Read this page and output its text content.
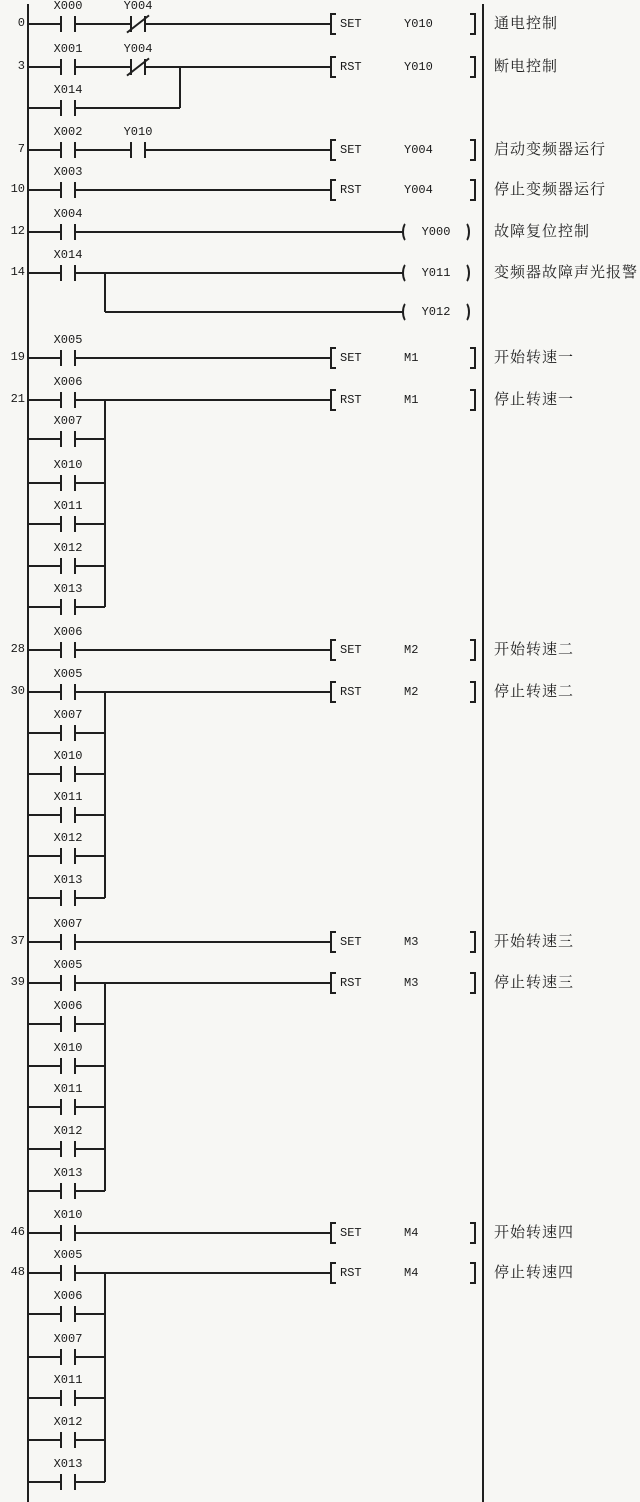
0
X000	Y004
SET	Y010	通电控制
3
X001	Y004
RST	Y010	断电控制
X014
7
X002	Y010
SET	Y004	启动变频器运行
10
X003
RST	Y004	停止变频器运行
12
X004
Y000	故障复位控制
14
X014
Y011	变频器故障声光报警
Y012
19
X005
SET	M1	开始转速一
21
X006
RST	M1	停止转速一
X007
X010
X011
X012
X013
28
X006
SET	M2	开始转速二
30
X005
RST	M2	停止转速二
X007
X010
X011
X012
X013
37
X007
SET	M3	开始转速三
39
X005
RST	M3	停止转速三
X006
X010
X011
X012
X013
46
X010
SET	M4	开始转速四
48
X005
RST	M4	停止转速四
X006
X007
X011
X012
X013
